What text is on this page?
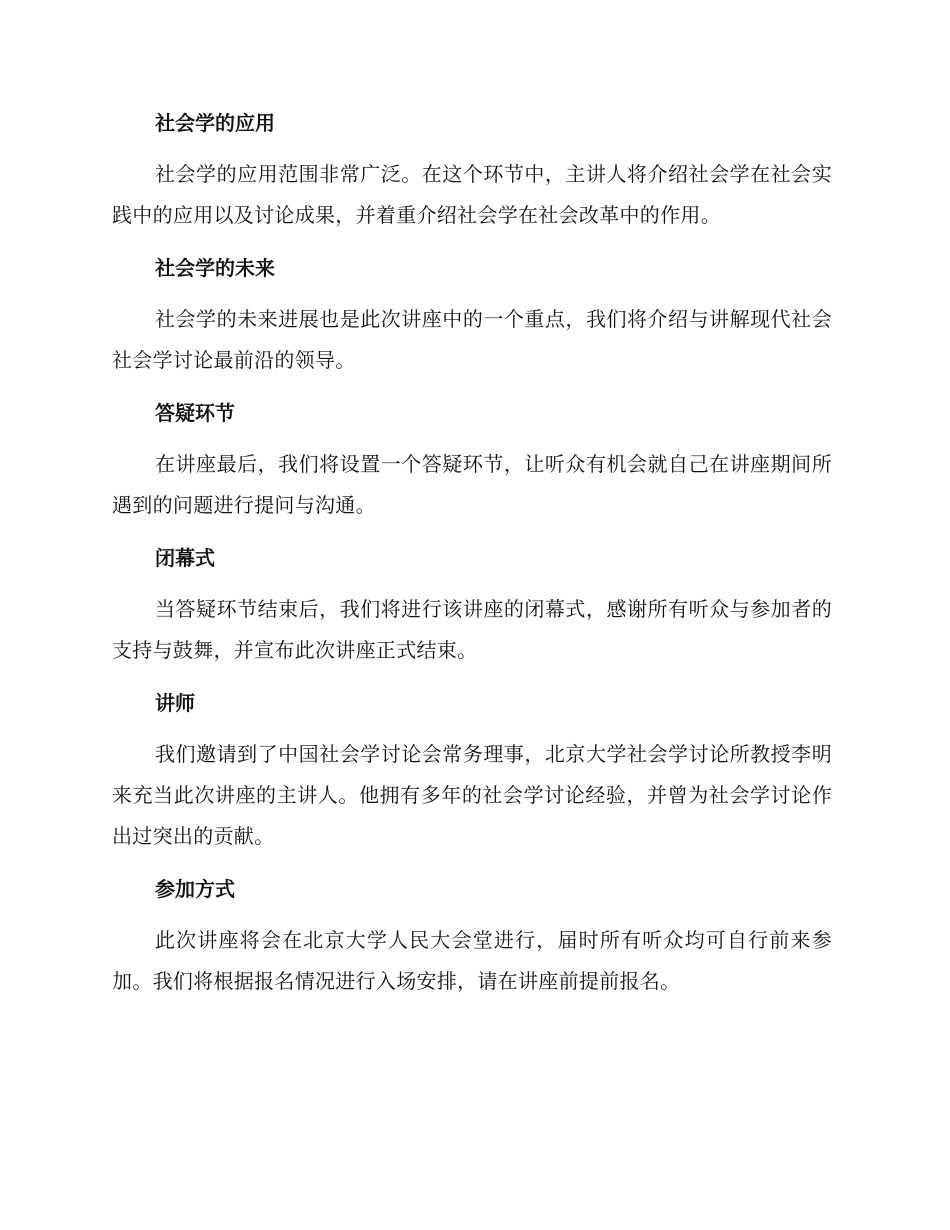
社会学的应用

社会学的应用范围非常广泛。在这个环节中，主讲人将介绍社会学在社会实践中的应用以及讨论成果，并着重介绍社会学在社会改革中的作用。

社会学的未来

社会学的未来进展也是此次讲座中的一个重点，我们将介绍与讲解现代社会社会学讨论最前沿的领导。

答疑环节

在讲座最后，我们将设置一个答疑环节，让听众有机会就自己在讲座期间所遇到的问题进行提问与沟通。

闭幕式

当答疑环节结束后，我们将进行该讲座的闭幕式，感谢所有听众与参加者的支持与鼓舞，并宣布此次讲座正式结束。

讲师

我们邀请到了中国社会学讨论会常务理事，北京大学社会学讨论所教授李明来充当此次讲座的主讲人。他拥有多年的社会学讨论经验，并曾为社会学讨论作出过突出的贡献。

参加方式

此次讲座将会在北京大学人民大会堂进行，届时所有听众均可自行前来参加。我们将根据报名情况进行入场安排，请在讲座前提前报名。
